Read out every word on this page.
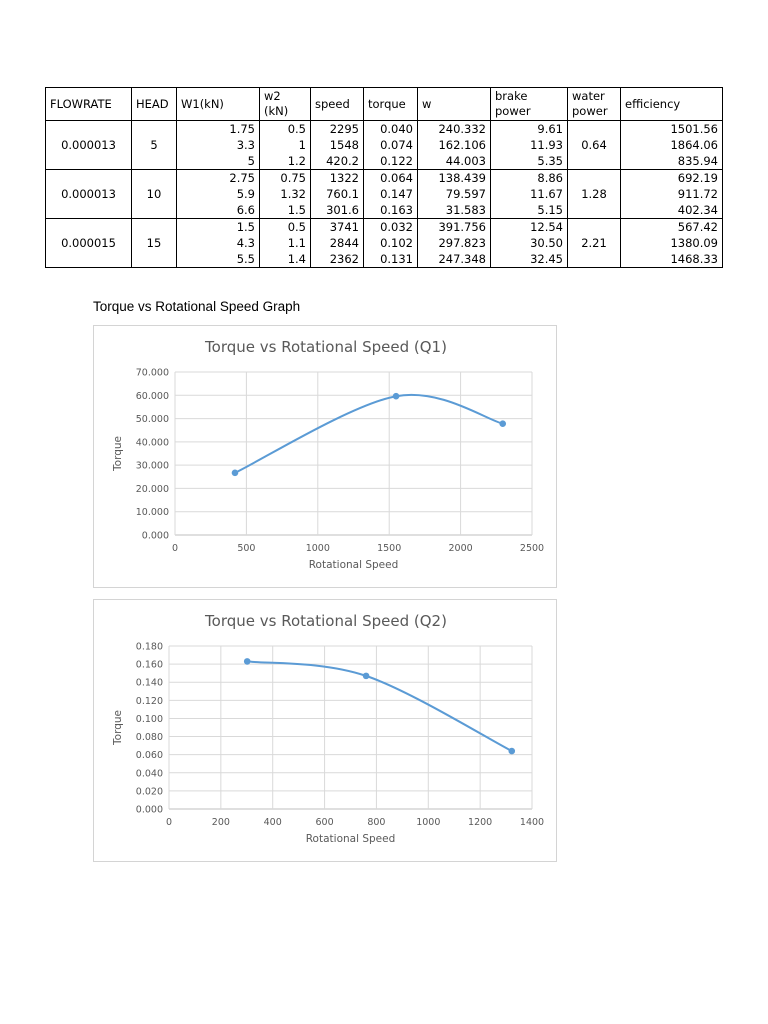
FLOWRATE	HEAD	W1(kN)	w2 (kN)	speed	torque	w	brake power	water power	efficiency
0.000013	5	1.75	0.5	2295	0.040	240.332	9.61	0.64	1501.56
		3.3	1	1548	0.074	162.106	11.93		1864.06
		5	1.2	420.2	0.122	44.003	5.35		835.94
0.000013	10	2.75	0.75	1322	0.064	138.439	8.86	1.28	692.19
		5.9	1.32	760.1	0.147	79.597	11.67		911.72
		6.6	1.5	301.6	0.163	31.583	5.15		402.34
0.000015	15	1.5	0.5	3741	0.032	391.756	12.54	2.21	567.42
		4.3	1.1	2844	0.102	297.823	30.50		1380.09
		5.5	1.4	2362	0.131	247.348	32.45		1468.33
Torque vs Rotational Speed Graph
Torque vs Rotational Speed (Q1)
0.000
10.000
20.000
30.000
40.000
50.000
60.000
70.000
0	500	1000	1500	2000	2500
Rotational Speed
Torque
Torque vs Rotational Speed (Q2)
0.000
0.020
0.040
0.060
0.080
0.100
0.120
0.140
0.160
0.180
0	200	400	600	800	1000	1200	1400
Rotational Speed
Torque
